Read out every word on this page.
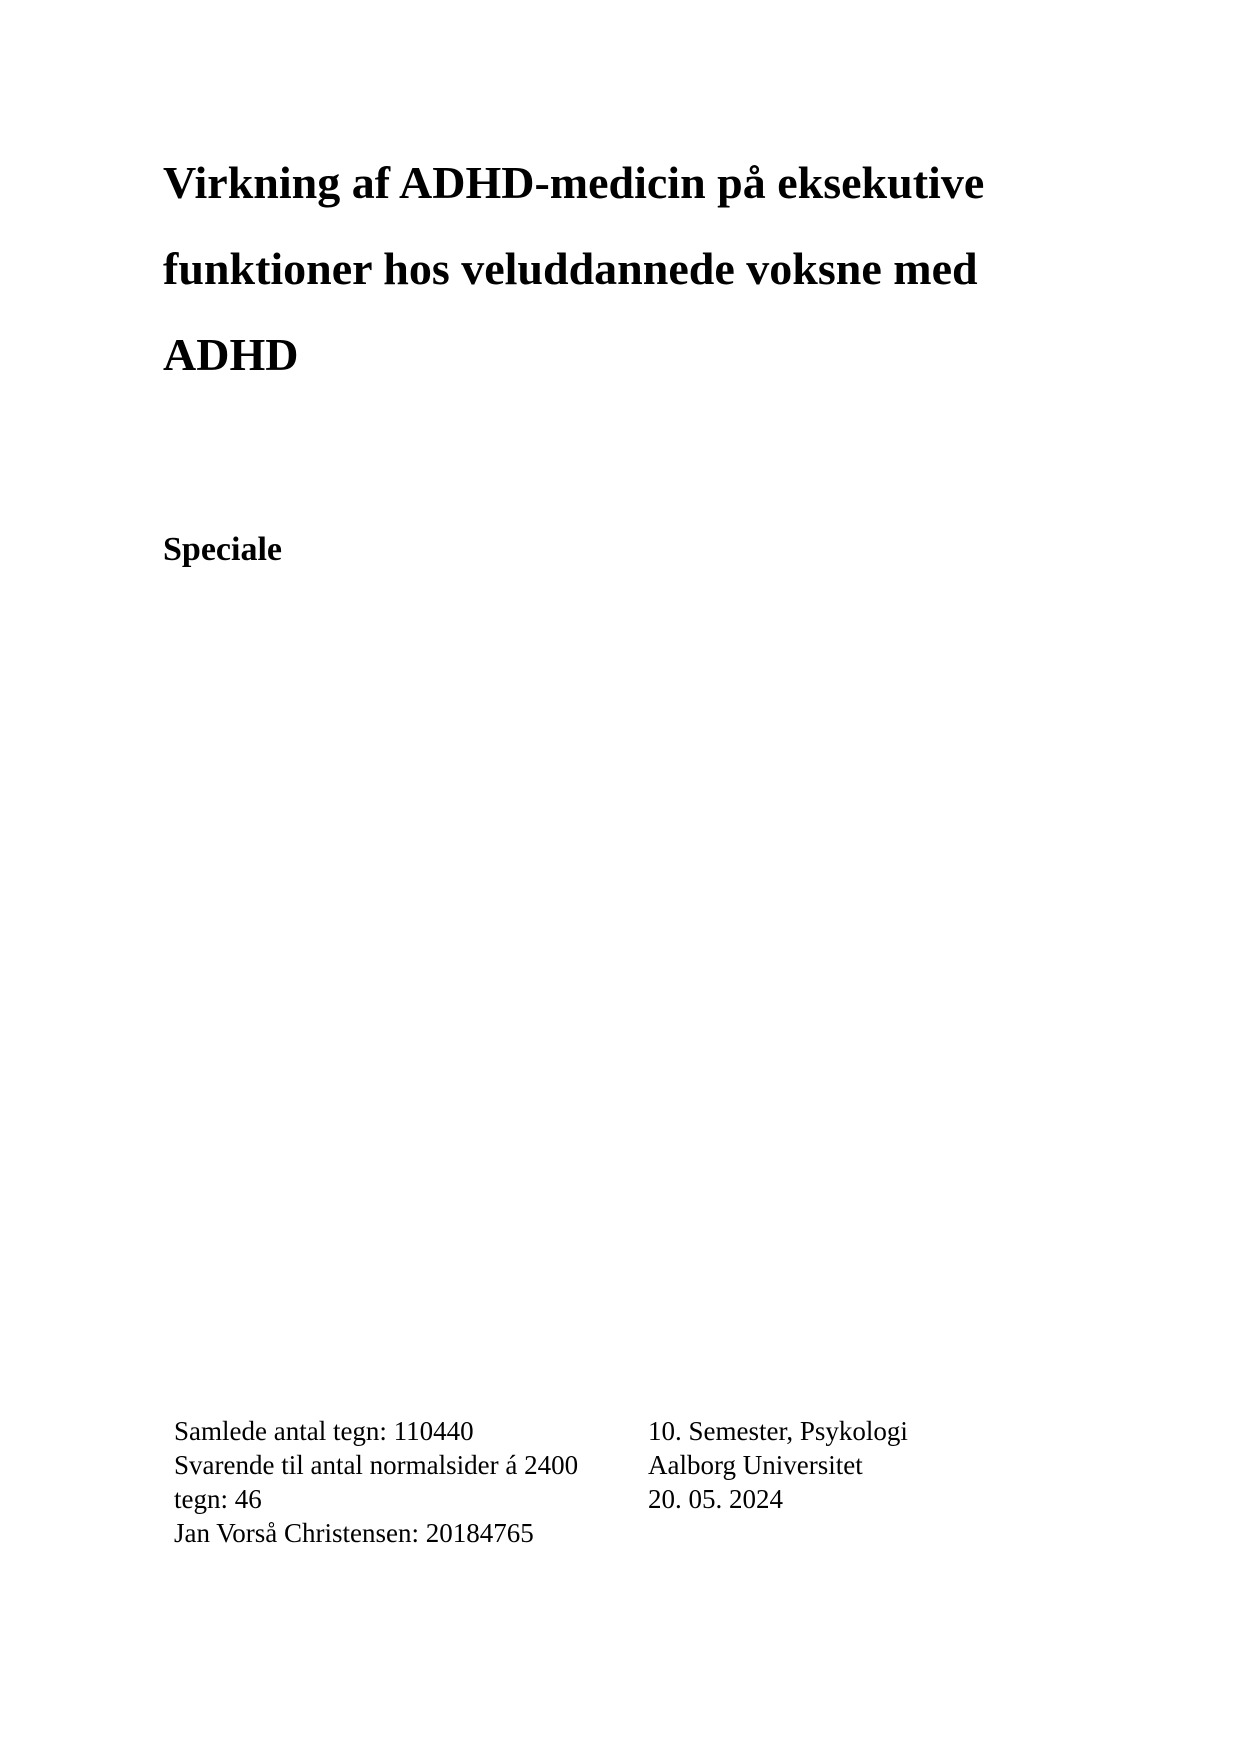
Virkning af ADHD-medicin på eksekutive
funktioner hos veluddannede voksne med
ADHD
Speciale
Samlede antal tegn: 110440
Svarende til antal normalsider á 2400
tegn: 46
Jan Vorså Christensen: 20184765
10. Semester, Psykologi
Aalborg Universitet
20. 05. 2024
